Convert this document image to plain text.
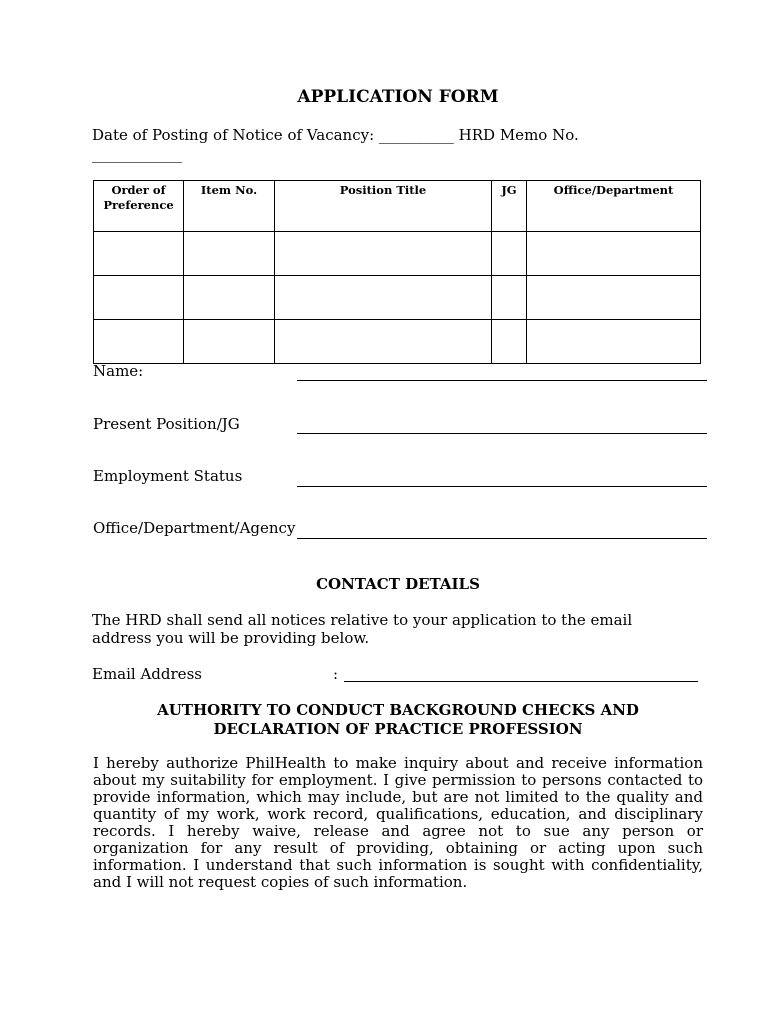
APPLICATION FORM
Date of Posting of Notice of Vacancy: __________ HRD Memo No.
____________
Order of Preference	Item No.	Position Title	JG	Office/Department

Name:
Present Position/JG
Employment Status
Office/Department/Agency
CONTACT DETAILS
The HRD shall send all notices relative to your application to the email address you will be providing below.
Email Address	:
AUTHORITY TO CONDUCT BACKGROUND CHECKS AND DECLARATION OF PRACTICE PROFESSION
I hereby authorize PhilHealth to make inquiry about and receive information about my suitability for employment. I give permission to persons contacted to provide information, which may include, but are not limited to the quality and quantity of my work, work record, qualifications, education, and disciplinary records. I hereby waive, release and agree not to sue any person or organization for any result of providing, obtaining or acting upon such information. I understand that such information is sought with confidentiality, and I will not request copies of such information.
